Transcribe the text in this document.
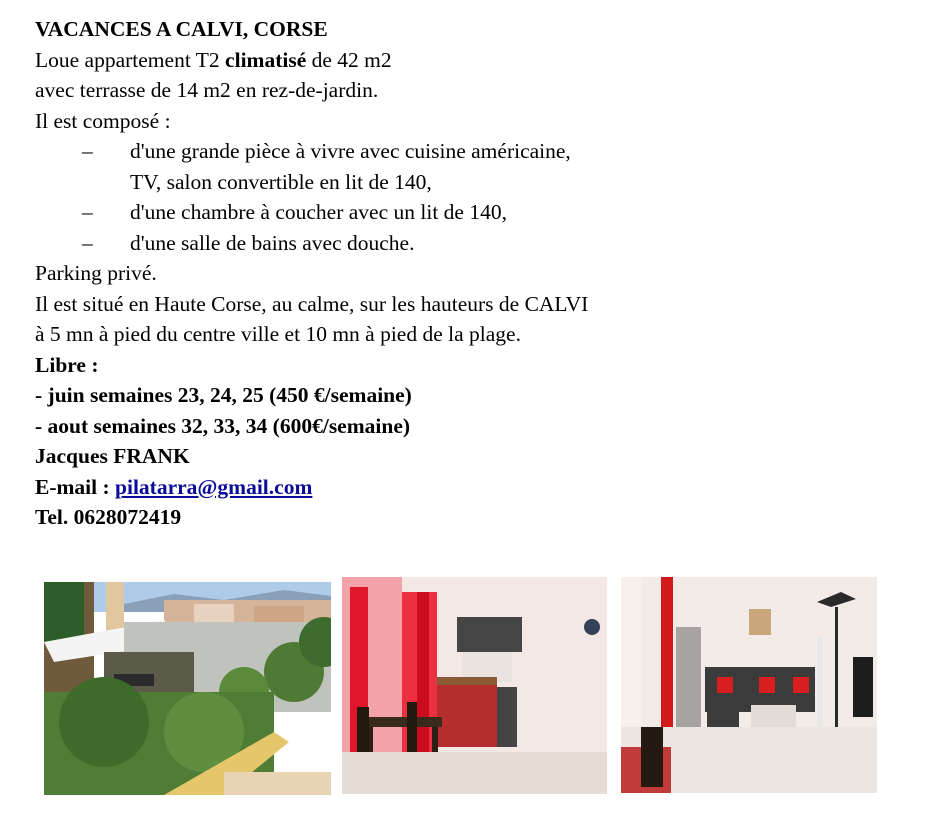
VACANCES A CALVI, CORSE
Loue appartement T2 climatisé de 42 m2
avec terrasse de 14 m2 en rez-de-jardin.
Il est composé :
– d'une grande pièce à vivre avec cuisine américaine,
TV, salon convertible en lit de 140,
– d'une chambre à coucher avec un lit de 140,
– d'une salle de bains avec douche.
Parking privé.
Il est situé en Haute Corse, au calme, sur les hauteurs de CALVI
à 5 mn à pied du centre ville et 10 mn à pied de la plage.
Libre :
- juin semaines 23, 24, 25 (450 €/semaine)
- aout semaines 32, 33, 34 (600€/semaine)
Jacques FRANK
E-mail : pilatarra@gmail.com
Tel. 0628072419
